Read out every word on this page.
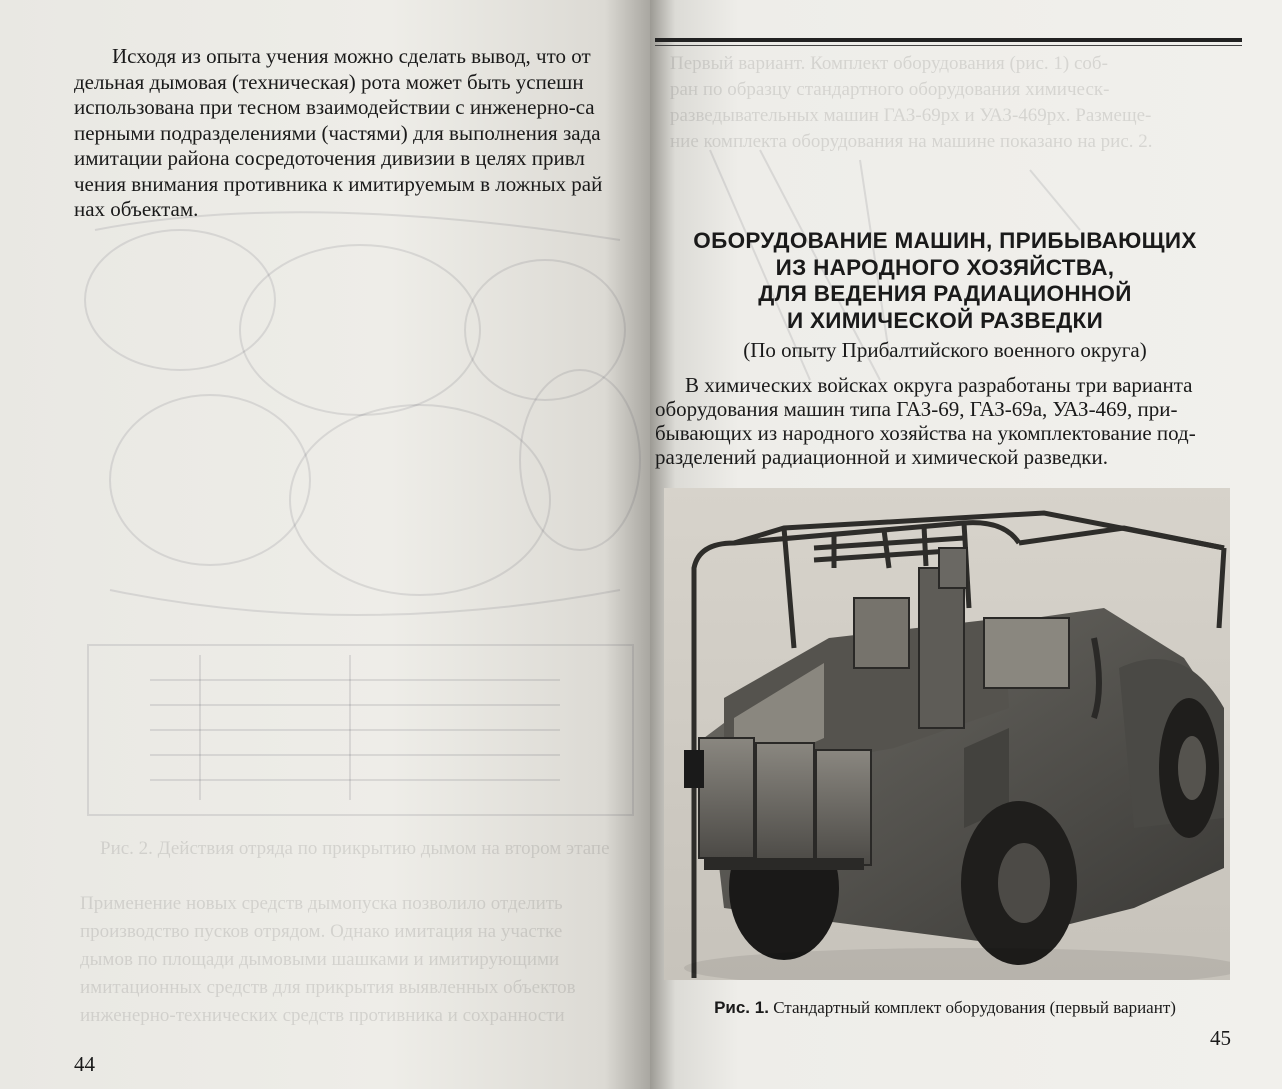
Рис. 2. Действия отряда по прикрытию дымом на втором этапе
Применение новых средств дымопуска позволило отделить
производство пусков отрядом. Однако имитация на участке
дымов по площади дымовыми шашками и имитирующими
имитационных средств для прикрытия выявленных объектов
инженерно-технических средств противника и сохранности

Исходя из опыта учения можно сделать вывод, что от

дельная дымовая (техническая) рота может быть успешн
использована при тесном взаимодействии с инженерно-са
перными подразделениями (частями) для выполнения зада
имитации района сосредоточения дивизии в целях привл
чения внимания противника к имитируемым в ложных рай
нах объектам.
44
Первый вариант. Комплект оборудования (рис. 1) соб-
ран по образцу стандартного оборудования химическ-
разведывательных машин ГАЗ-69рх и УАЗ-469рх. Размеще-
ние комплекта оборудования на машине показано на рис. 2.
ОБОРУДОВАНИЕ МАШИН, ПРИБЫВАЮЩИХ
ИЗ НАРОДНОГО ХОЗЯЙСТВА,
ДЛЯ ВЕДЕНИЯ РАДИАЦИОННОЙ
И ХИМИЧЕСКОЙ РАЗВЕДКИ
(По опыту Прибалтийского военного округа)

В химических войсках округа разработаны три варианта

оборудования машин типа ГАЗ-69, ГАЗ-69а, УАЗ-469, при-
бывающих из народного хозяйства на укомплектование под-
разделений радиационной и химической разведки.
Рис. 1. Стандартный комплект оборудования (первый вариант)
45
